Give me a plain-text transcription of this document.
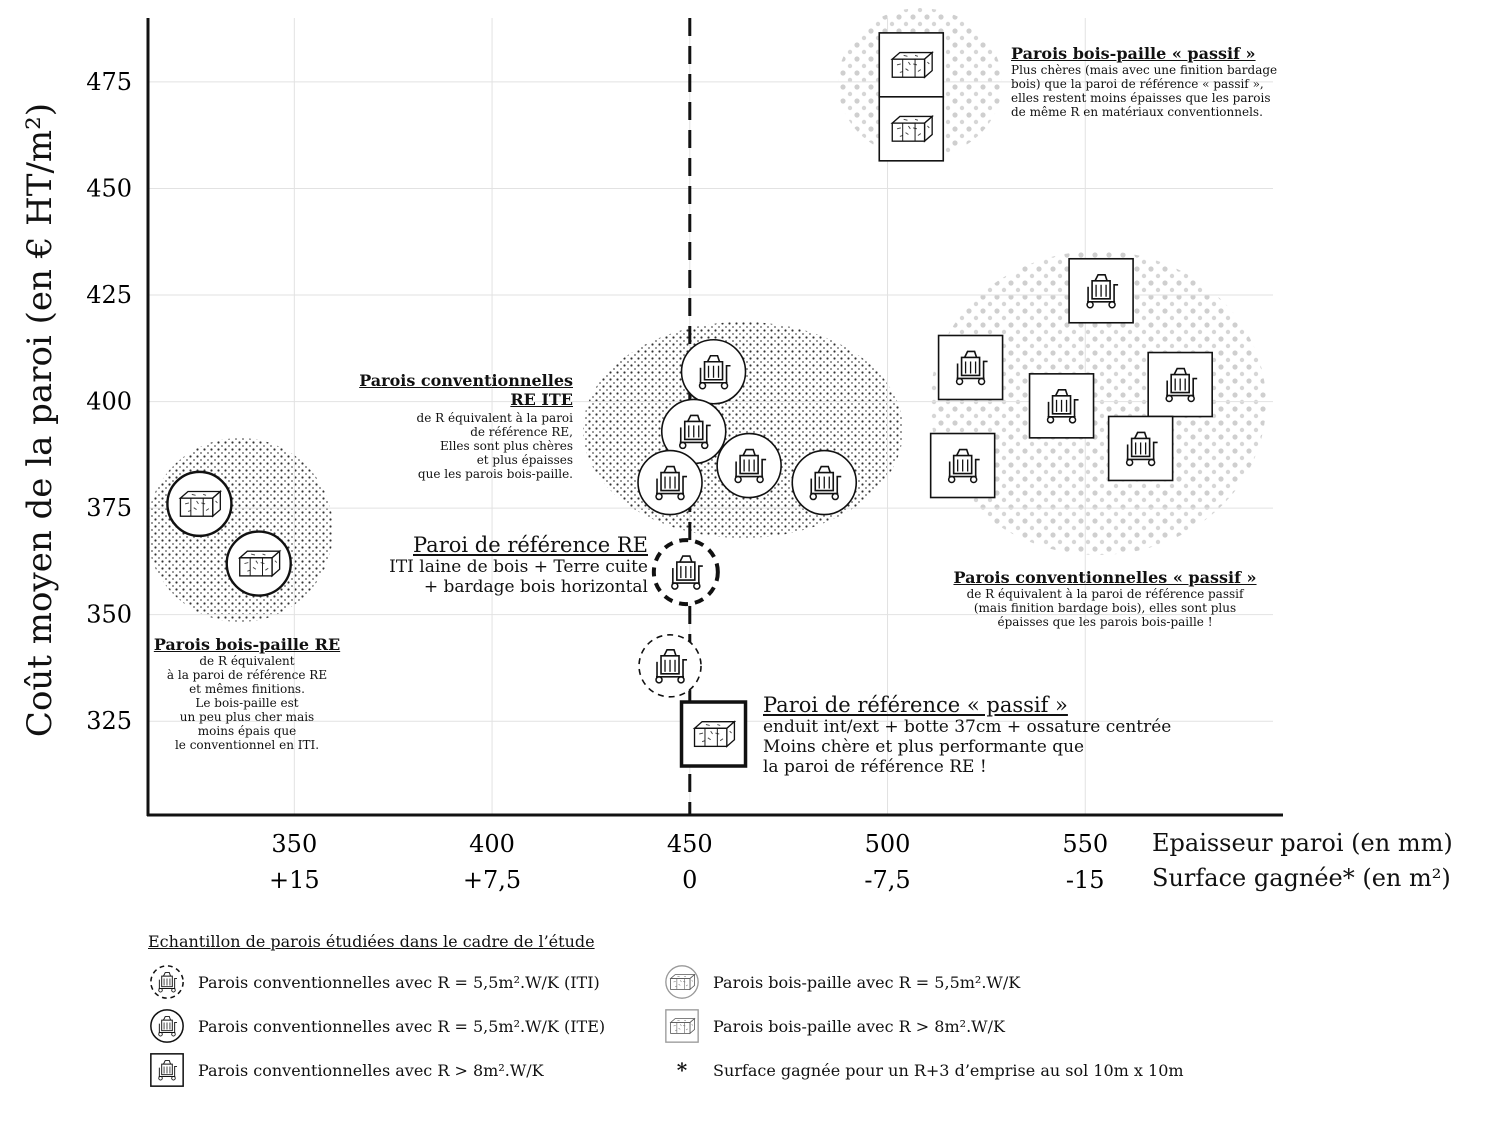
350
+15
400
+7,5
450
0
500
-7,5
550
-15
325
350
375
400
425
450
475
Coût moyen de la paroi (en € HT/m²)
Epaisseur paroi (en mm)
Surface gagnée* (en m²)
Parois bois-paille « passif »
Plus chères (mais avec une finition bardage
bois) que la paroi de référence « passif »,
elles restent moins épaisses que les parois
de même R en matériaux conventionnels.
Parois conventionnelles
RE ITE
de R équivalent à la paroi
de référence RE,
Elles sont plus chères
et plus épaisses
que les parois bois-paille.
Paroi de référence RE
ITI laine de bois + Terre cuite
+ bardage bois horizontal	Parois conventionnelles « passif »
de R équivalent à la paroi de référence passif
(mais finition bardage bois), elles sont plus
épaisses que les parois bois-paille !
Parois bois-paille RE
de R équivalent
à la paroi de référence RE
et mêmes finitions.
Le bois-paille est
un peu plus cher mais
moins épais que
le conventionnel en ITI.
Paroi de référence « passif »
enduit int/ext + botte 37cm + ossature centrée
Moins chère et plus performante que
la paroi de référence RE !
Echantillon de parois étudiées dans le cadre de l’étude
Parois conventionnelles avec R = 5,5m².W/K (ITI)
Parois conventionnelles avec R = 5,5m².W/K (ITE)
Parois conventionnelles avec R > 8m².W/K
Parois bois-paille avec R = 5,5m².W/K
Parois bois-paille avec R > 8m².W/K
*	Surface gagnée pour un R+3 d’emprise au sol 10m x 10m
